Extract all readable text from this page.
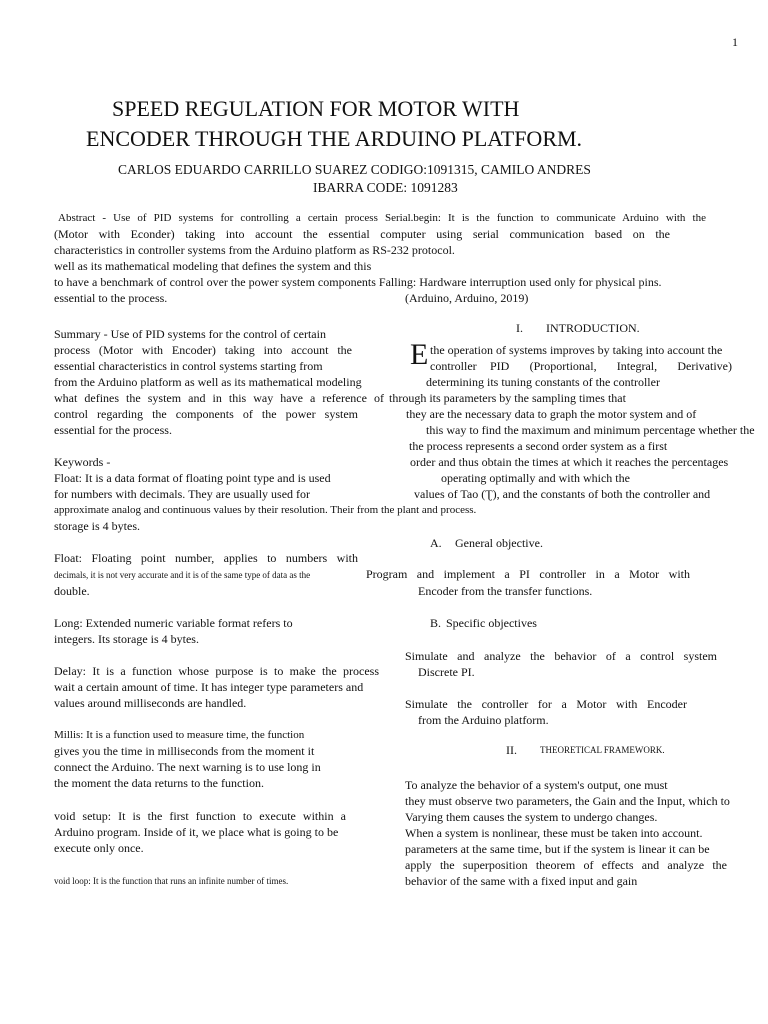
1
SPEED REGULATION FOR MOTOR WITH
ENCODER THROUGH THE ARDUINO PLATFORM.
CARLOS EDUARDO CARRILLO SUAREZ CODIGO:1091315, CAMILO ANDRES
IBARRA CODE: 1091283
Abstract - Use of PID systems for controlling a certain process Serial.begin: It is the function to communicate Arduino with the
(Motor with Econder) taking into account the essential computer using serial communication based on the
characteristics in controller systems from the Arduino platform as RS-232 protocol.
well as its mathematical modeling that defines the system and this
to have a benchmark of control over the power system components Falling: Hardware interruption used only for physical pins.
essential to the process.	(Arduino, Arduino, 2019)
Summary - Use of PID systems for the control of certain
process (Motor with Encoder) taking into account the
essential characteristics in control systems starting from
from the Arduino platform as well as its mathematical modeling
what defines the system and in this way have a reference of
control regarding the components of the power system
essential for the process.
Keywords -
Float: It is a data format of floating point type and is used
for numbers with decimals. They are usually used for
approximate analog and continuous values by their resolution. Their from the plant and process.
storage is 4 bytes.
Float: Floating point number, applies to numbers with
decimals, it is not very accurate and it is of the same type of data as the	Program and implement a PI controller in a Motor with
double.
Long: Extended numeric variable format refers to
integers. Its storage is 4 bytes.
Delay: It is a function whose purpose is to make the process
wait a certain amount of time. It has integer type parameters and
values around milliseconds are handled.
Millis: It is a function used to measure time, the function
gives you the time in milliseconds from the moment it
connect the Arduino. The next warning is to use long in
the moment the data returns to the function.
void setup: It is the first function to execute within a
Arduino program. Inside of it, we place what is going to be
execute only once.
void loop: It is the function that runs an infinite number of times.
I. INTRODUCTION.
E the operation of systems improves by taking into account the
controller PID (Proportional, Integral, Derivative)
determining its tuning constants of the controller
through its parameters by the sampling times that
they are the necessary data to graph the motor system and of
this way to find the maximum and minimum percentage whether the
the process represents a second order system as a first
order and thus obtain the times at which it reaches the percentages
operating optimally and with which the
values of Tao (Ʈ), and the constants of both the controller and
A. General objective.
Encoder from the transfer functions.
B. Specific objectives
Simulate and analyze the behavior of a control system
Discrete PI.
Simulate the controller for a Motor with Encoder
from the Arduino platform.
II.	THEORETICAL FRAMEWORK.
To analyze the behavior of a system's output, one must
they must observe two parameters, the Gain and the Input, which to
Varying them causes the system to undergo changes.
When a system is nonlinear, these must be taken into account.
parameters at the same time, but if the system is linear it can be
apply the superposition theorem of effects and analyze the
behavior of the same with a fixed input and gain
